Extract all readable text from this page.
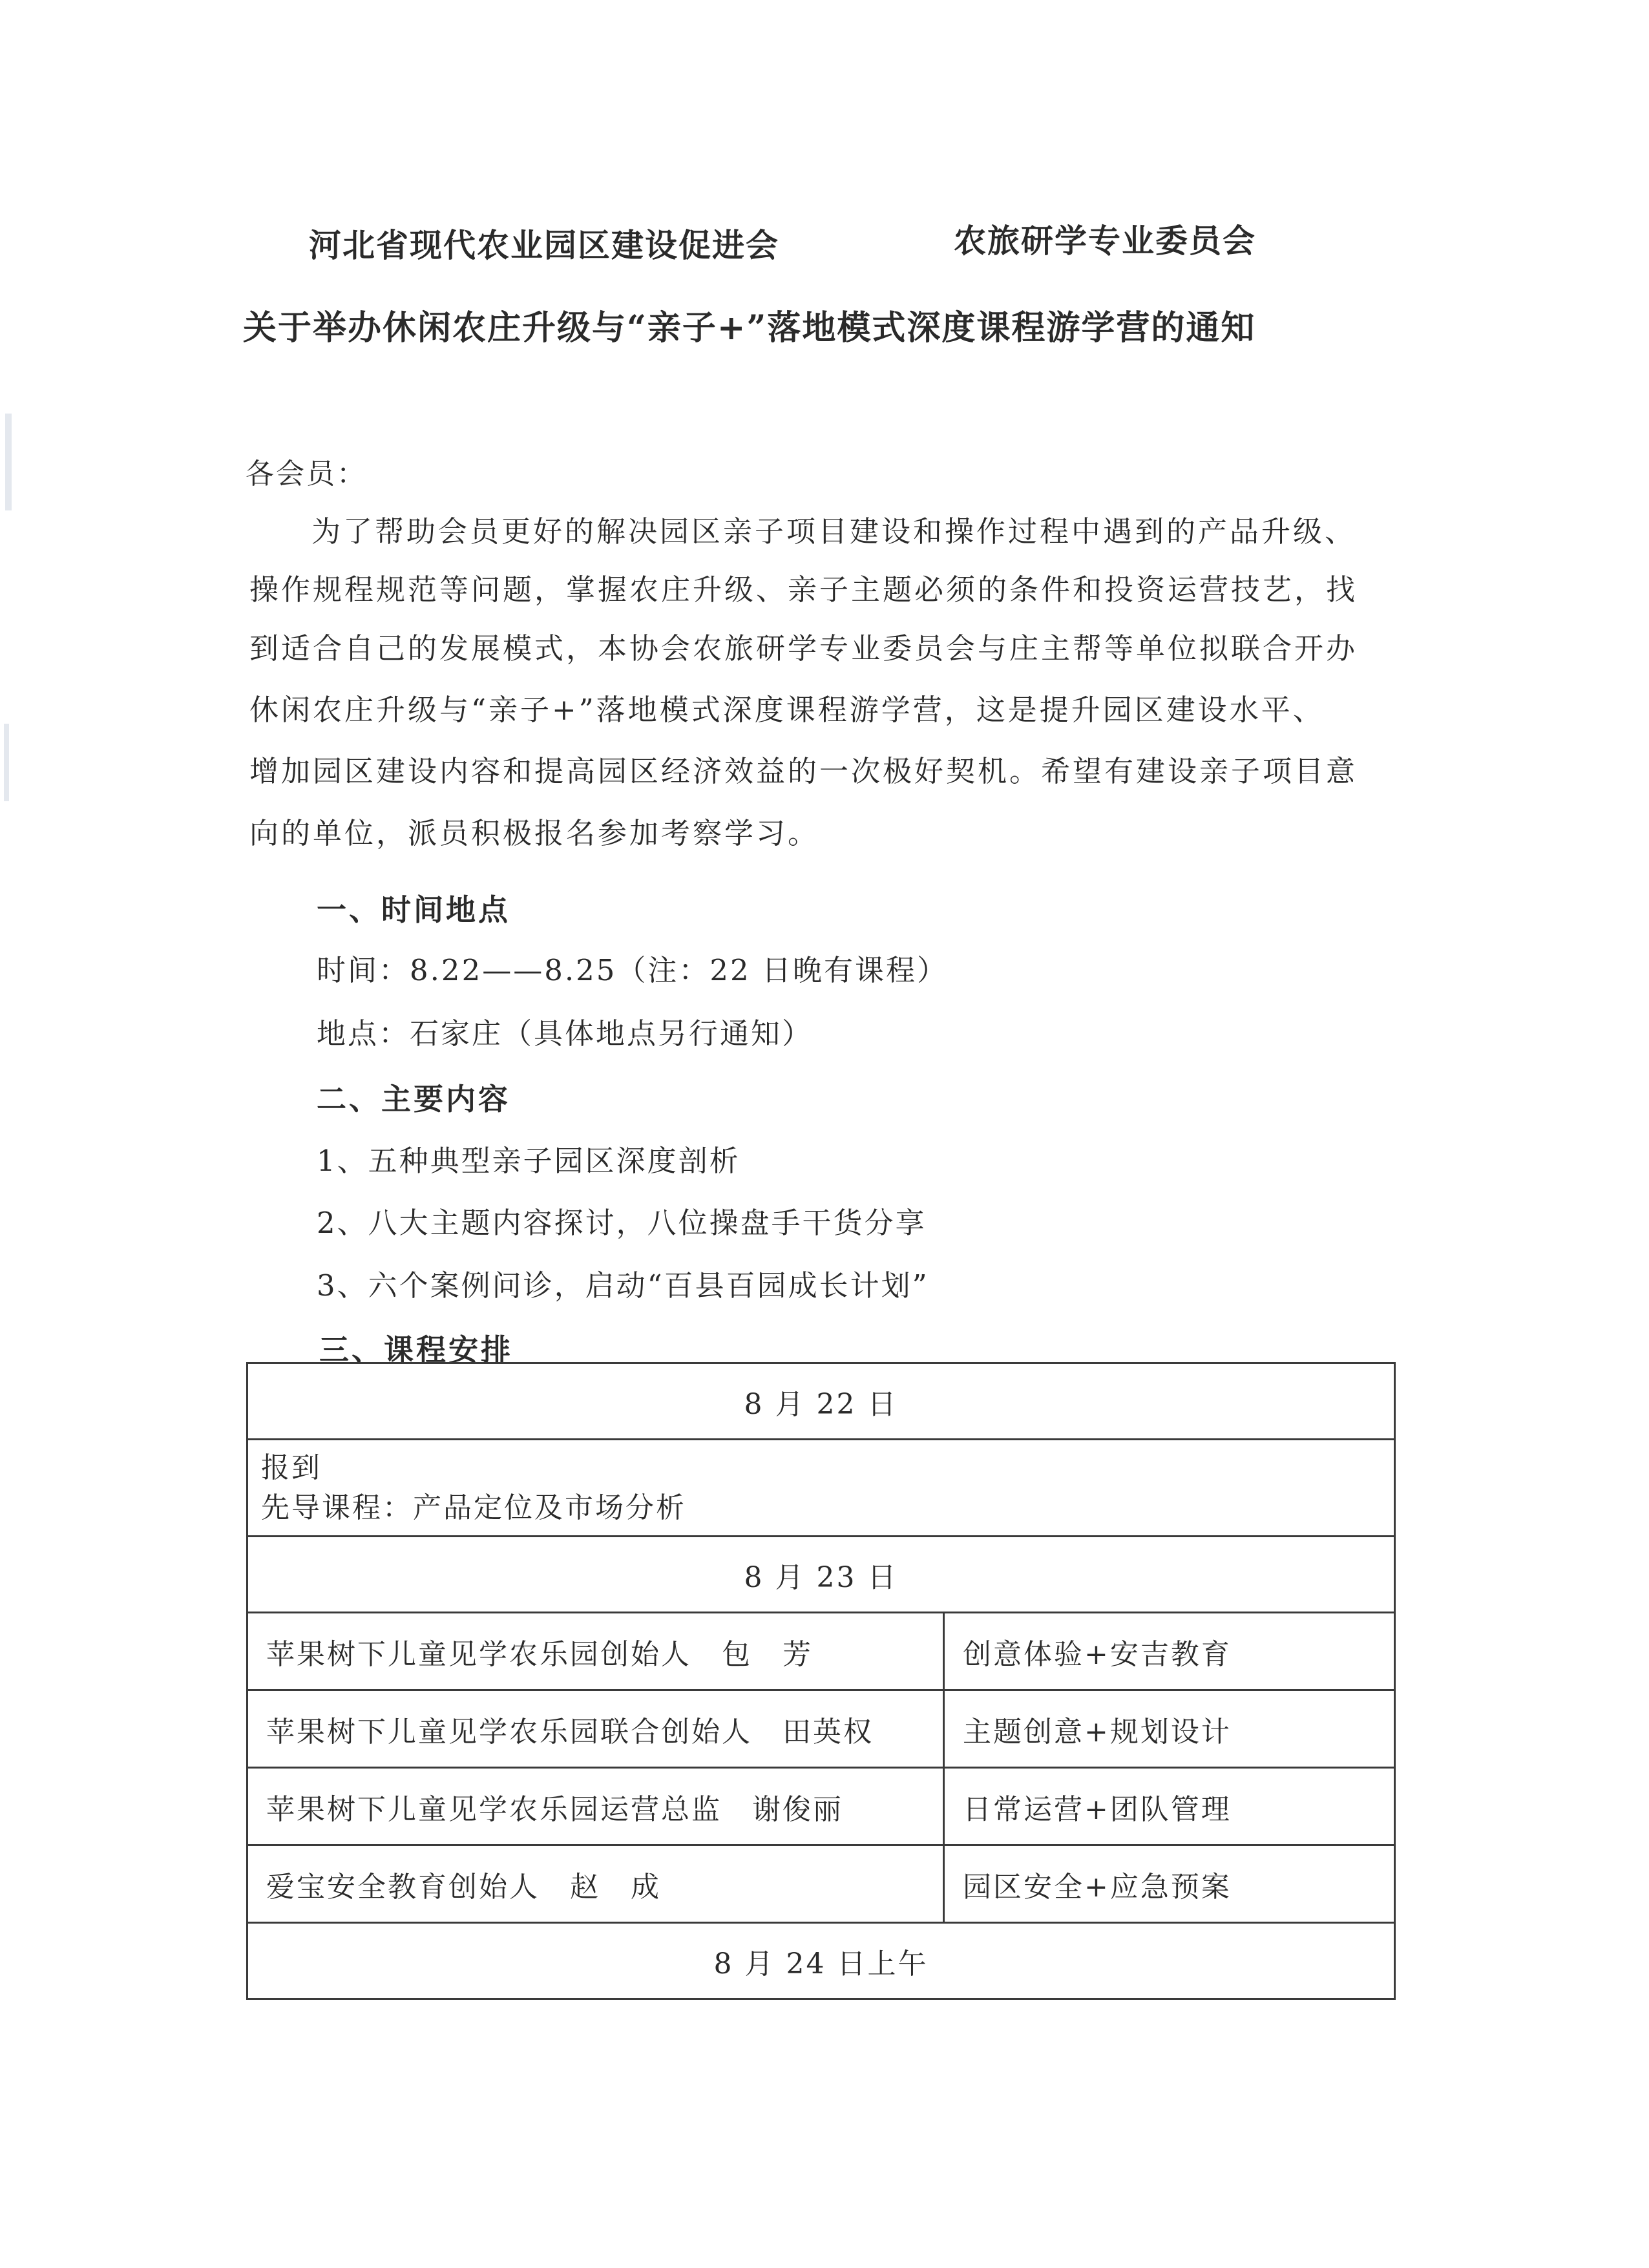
河北省现代农业园区建设促进会	农旅研学专业委员会
关于举办休闲农庄升级与“亲子+”落地模式深度课程游学营的通知
各会员：
为了帮助会员更好的解决园区亲子项目建设和操作过程中遇到的产品升级、
操作规程规范等问题，掌握农庄升级、亲子主题必须的条件和投资运营技艺，找
到适合自己的发展模式，本协会农旅研学专业委员会与庄主帮等单位拟联合开办
休闲农庄升级与“亲子+”落地模式深度课程游学营，这是提升园区建设水平、
增加园区建设内容和提高园区经济效益的一次极好契机。希望有建设亲子项目意
向的单位，派员积极报名参加考察学习。
一、时间地点
时间：8.22——8.25（注：22 日晚有课程）
地点：石家庄（具体地点另行通知）
二、主要内容
1、五种典型亲子园区深度剖析
2、八大主题内容探讨，八位操盘手干货分享
3、六个案例问诊，启动“百县百园成长计划”
三、课程安排
8 月 22 日	

报到
先导课程：产品定位及市场分析	

8 月 23 日	
苹果树下儿童见学农乐园创始人　包　芳	创意体验+安吉教育
苹果树下儿童见学农乐园联合创始人　田英权	主题创意+规划设计
苹果树下儿童见学农乐园运营总监　谢俊丽	日常运营+团队管理
爱宝安全教育创始人　赵　成	园区安全+应急预案
8 月 24 日上午	
